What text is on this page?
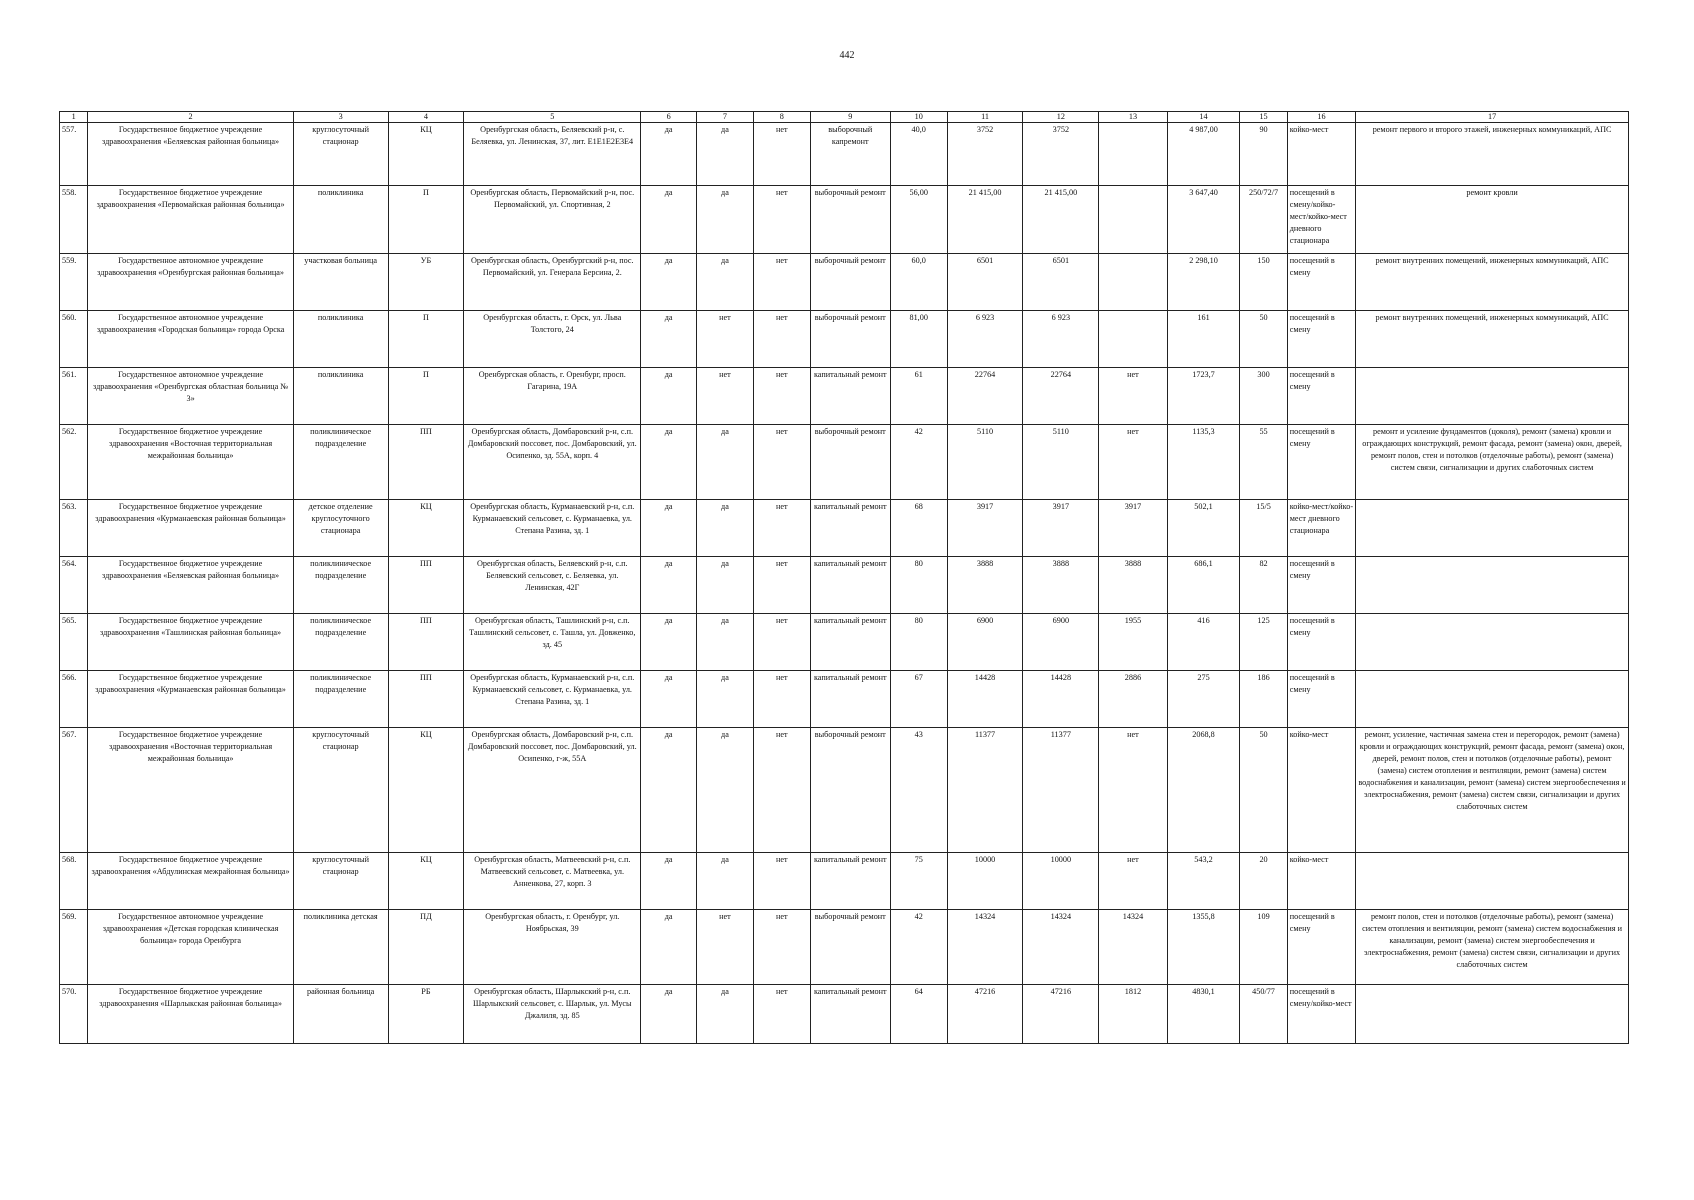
442
1	2	3	4	5	6	7	8	9	10	11	12	13	14	15	16	17
557.	Государственное бюджетное учреждение здравоохранения «Беляевская районная больница»	круглосуточный стационар	КЦ	Оренбургская область, Беляевский р-н, с. Беляевка, ул. Ленинская, 37, лит. Е1Е1Е2Е3Е4	да	да	нет	выборочный капремонт	40,0	3752	3752		4 987,00	90	койко-мест	ремонт первого и второго этажей, инженерных коммуникаций, АПС
558.	Государственное бюджетное учреждение здравоохранения «Первомайская районная больница»	поликлиника	П	Оренбургская область, Первомайский р-н, пос. Первомайский, ул. Спортивная, 2	да	да	нет	выборочный ремонт	56,00	21 415,00	21 415,00		3 647,40	250/72/7	посещений в смену/койко-мест/койко-мест дневного стационара	ремонт кровли
559.	Государственное автономное учреждение здравоохранения «Оренбургская районная больница»	участковая больница	УБ	Оренбургская область, Оренбургский р-н, пос. Первомайский, ул. Генерала Берсина, 2.	да	да	нет	выборочный ремонт	60,0	6501	6501		2 298,10	150	посещений в смену	ремонт внутренних помещений, инженерных коммуникаций, АПС
560.	Государственное автономное учреждение здравоохранения «Городская больница» города Орска	поликлиника	П	Оренбургская область, г. Орск, ул. Льва Толстого, 24	да	нет	нет	выборочный ремонт	81,00	6 923	6 923		161	50	посещений в смену	ремонт внутренних помещений, инженерных коммуникаций, АПС
561.	Государственное автономное учреждение здравоохранения «Оренбургская областная больница № 3»	поликлиника	П	Оренбургская область, г. Оренбург, просп. Гагарина, 19А	да	нет	нет	капитальный ремонт	61	22764	22764	нет	1723,7	300	посещений в смену	
562.	Государственное бюджетное учреждение здравоохранения «Восточная территориальная межрайонная больница»	поликлиническое подразделение	ПП	Оренбургская область, Домбаровский р-н, с.п. Домбаровский поссовет, пос. Домбаровский, ул. Осипенко, зд. 55А, корп. 4	да	да	нет	выборочный ремонт	42	5110	5110	нет	1135,3	55	посещений в смену	ремонт и усиление фундаментов (цоколя), ремонт (замена) кровли и ограждающих конструкций, ремонт фасада, ремонт (замена) окон, дверей, ремонт полов, стен и потолков (отделочные работы), ремонт (замена) систем связи, сигнализации и других слаботочных систем
563.	Государственное бюджетное учреждение здравоохранения «Курманаевская районная больница»	детское отделение круглосуточного стационара	КЦ	Оренбургская область, Курманаевский р-н, с.п. Курманаевский сельсовет, с. Курманаевка, ул. Степана Разина, зд. 1	да	да	нет	капитальный ремонт	68	3917	3917	3917	502,1	15/5	койко-мест/койко-мест дневного стационара	
564.	Государственное бюджетное учреждение здравоохранения «Беляевская районная больница»	поликлиническое подразделение	ПП	Оренбургская область, Беляевский р-н, с.п. Беляевский сельсовет, с. Беляевка, ул. Ленинская, 42Г	да	да	нет	капитальный ремонт	80	3888	3888	3888	686,1	82	посещений в смену	
565.	Государственное бюджетное учреждение здравоохранения «Ташлинская районная больница»	поликлиническое подразделение	ПП	Оренбургская область, Ташлинский р-н, с.п. Ташлинский сельсовет, с. Ташла, ул. Довженко, зд. 45	да	да	нет	капитальный ремонт	80	6900	6900	1955	416	125	посещений в смену	
566.	Государственное бюджетное учреждение здравоохранения «Курманаевская районная больница»	поликлиническое подразделение	ПП	Оренбургская область, Курманаевский р-н, с.п. Курманаевский сельсовет, с. Курманаевка, ул. Степана Разина, зд. 1	да	да	нет	капитальный ремонт	67	14428	14428	2886	275	186	посещений в смену	
567.	Государственное бюджетное учреждение здравоохранения «Восточная территориальная межрайонная больница»	круглосуточный стационар	КЦ	Оренбургская область, Домбаровский р-н, с.п. Домбаровский поссовет, пос. Домбаровский, ул. Осипенко, г-ж, 55А	да	да	нет	выборочный ремонт	43	11377	11377	нет	2068,8	50	койко-мест	ремонт, усиление, частичная замена стен и перегородок, ремонт (замена) кровли и ограждающих конструкций, ремонт фасада, ремонт (замена) окон, дверей, ремонт полов, стен и потолков (отделочные работы), ремонт (замена) систем отопления и вентиляции, ремонт (замена) систем водоснабжения и канализации, ремонт (замена) систем энергообеспечения и электроснабжения, ремонт (замена) систем связи, сигнализации и других слаботочных систем
568.	Государственное бюджетное учреждение здравоохранения «Абдулинская межрайонная больница»	круглосуточный стационар	КЦ	Оренбургская область, Матвеевский р-н, с.п. Матвеевский сельсовет, с. Матвеевка, ул. Анненкова, 27, корп. 3	да	да	нет	капитальный ремонт	75	10000	10000	нет	543,2	20	койко-мест	
569.	Государственное автономное учреждение здравоохранения «Детская городская клиническая больница» города Оренбурга	поликлиника детская	ПД	Оренбургская область, г. Оренбург, ул. Ноябрьская, 39	да	нет	нет	выборочный ремонт	42	14324	14324	14324	1355,8	109	посещений в смену	ремонт полов, стен и потолков (отделочные работы), ремонт (замена) систем отопления и вентиляции, ремонт (замена) систем водоснабжения и канализации, ремонт (замена) систем энергообеспечения и электроснабжения, ремонт (замена) систем связи, сигнализации и других слаботочных систем
570.	Государственное бюджетное учреждение здравоохранения «Шарлыкская районная больница»	районная больница	РБ	Оренбургская область, Шарлыкский р-н, с.п. Шарлыкский сельсовет, с. Шарлык, ул. Мусы Джалиля, зд. 85	да	да	нет	капитальный ремонт	64	47216	47216	1812	4830,1	450/77	посещений в смену/койко-мест	
